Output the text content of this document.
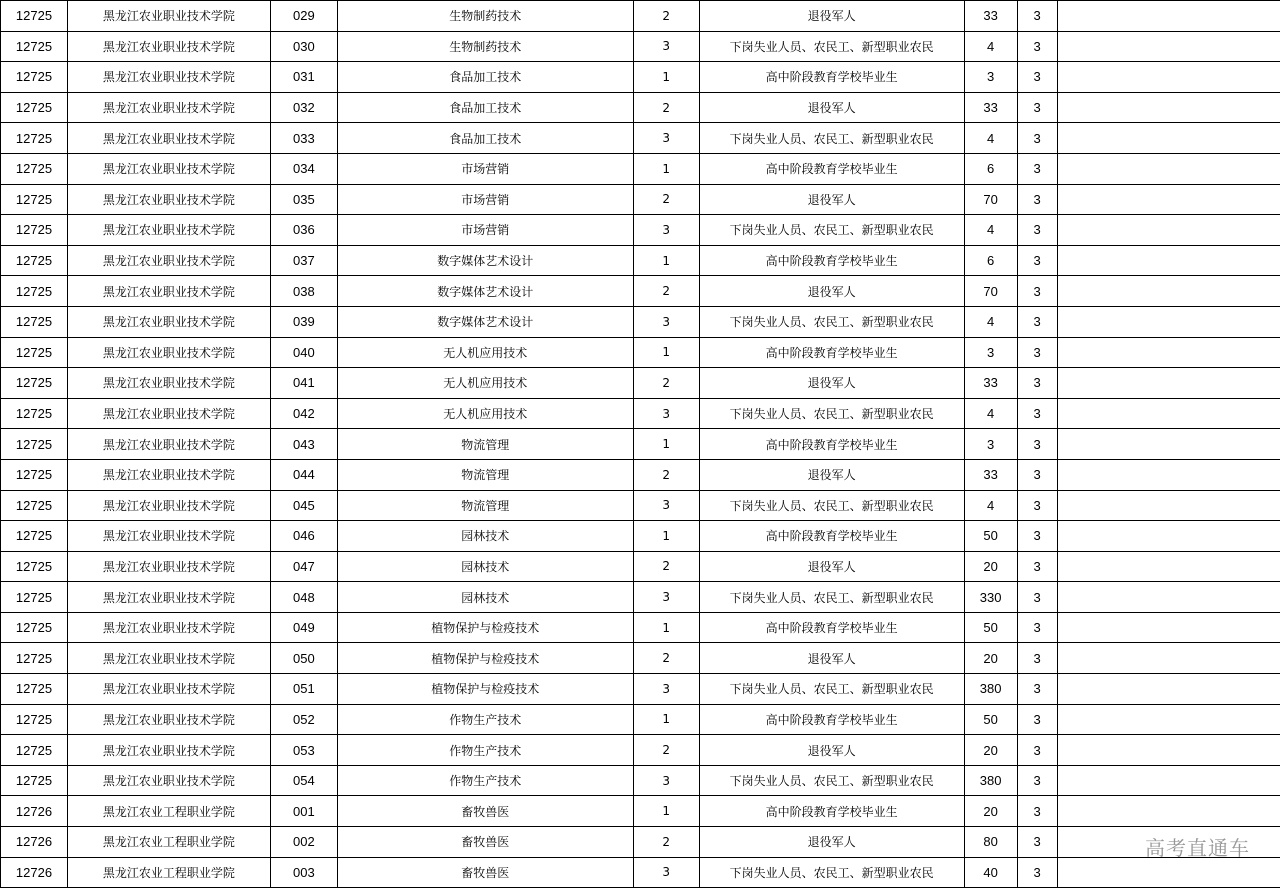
12725	黑龙江农业职业技术学院	029	生物制药技术	2	退役军人	33	3	
12725	黑龙江农业职业技术学院	030	生物制药技术	3	下岗失业人员、农民工、新型职业农民	4	3	
12725	黑龙江农业职业技术学院	031	食品加工技术	1	高中阶段教育学校毕业生	3	3	
12725	黑龙江农业职业技术学院	032	食品加工技术	2	退役军人	33	3	
12725	黑龙江农业职业技术学院	033	食品加工技术	3	下岗失业人员、农民工、新型职业农民	4	3	
12725	黑龙江农业职业技术学院	034	市场营销	1	高中阶段教育学校毕业生	6	3	
12725	黑龙江农业职业技术学院	035	市场营销	2	退役军人	70	3	
12725	黑龙江农业职业技术学院	036	市场营销	3	下岗失业人员、农民工、新型职业农民	4	3	
12725	黑龙江农业职业技术学院	037	数字媒体艺术设计	1	高中阶段教育学校毕业生	6	3	
12725	黑龙江农业职业技术学院	038	数字媒体艺术设计	2	退役军人	70	3	
12725	黑龙江农业职业技术学院	039	数字媒体艺术设计	3	下岗失业人员、农民工、新型职业农民	4	3	
12725	黑龙江农业职业技术学院	040	无人机应用技术	1	高中阶段教育学校毕业生	3	3	
12725	黑龙江农业职业技术学院	041	无人机应用技术	2	退役军人	33	3	
12725	黑龙江农业职业技术学院	042	无人机应用技术	3	下岗失业人员、农民工、新型职业农民	4	3	
12725	黑龙江农业职业技术学院	043	物流管理	1	高中阶段教育学校毕业生	3	3	
12725	黑龙江农业职业技术学院	044	物流管理	2	退役军人	33	3	
12725	黑龙江农业职业技术学院	045	物流管理	3	下岗失业人员、农民工、新型职业农民	4	3	
12725	黑龙江农业职业技术学院	046	园林技术	1	高中阶段教育学校毕业生	50	3	
12725	黑龙江农业职业技术学院	047	园林技术	2	退役军人	20	3	
12725	黑龙江农业职业技术学院	048	园林技术	3	下岗失业人员、农民工、新型职业农民	330	3	
12725	黑龙江农业职业技术学院	049	植物保护与检疫技术	1	高中阶段教育学校毕业生	50	3	
12725	黑龙江农业职业技术学院	050	植物保护与检疫技术	2	退役军人	20	3	
12725	黑龙江农业职业技术学院	051	植物保护与检疫技术	3	下岗失业人员、农民工、新型职业农民	380	3	
12725	黑龙江农业职业技术学院	052	作物生产技术	1	高中阶段教育学校毕业生	50	3	
12725	黑龙江农业职业技术学院	053	作物生产技术	2	退役军人	20	3	
12725	黑龙江农业职业技术学院	054	作物生产技术	3	下岗失业人员、农民工、新型职业农民	380	3	
12726	黑龙江农业工程职业学院	001	畜牧兽医	1	高中阶段教育学校毕业生	20	3	
12726	黑龙江农业工程职业学院	002	畜牧兽医	2	退役军人	80	3	
12726	黑龙江农业工程职业学院	003	畜牧兽医	3	下岗失业人员、农民工、新型职业农民	40	3	
高考直通车
